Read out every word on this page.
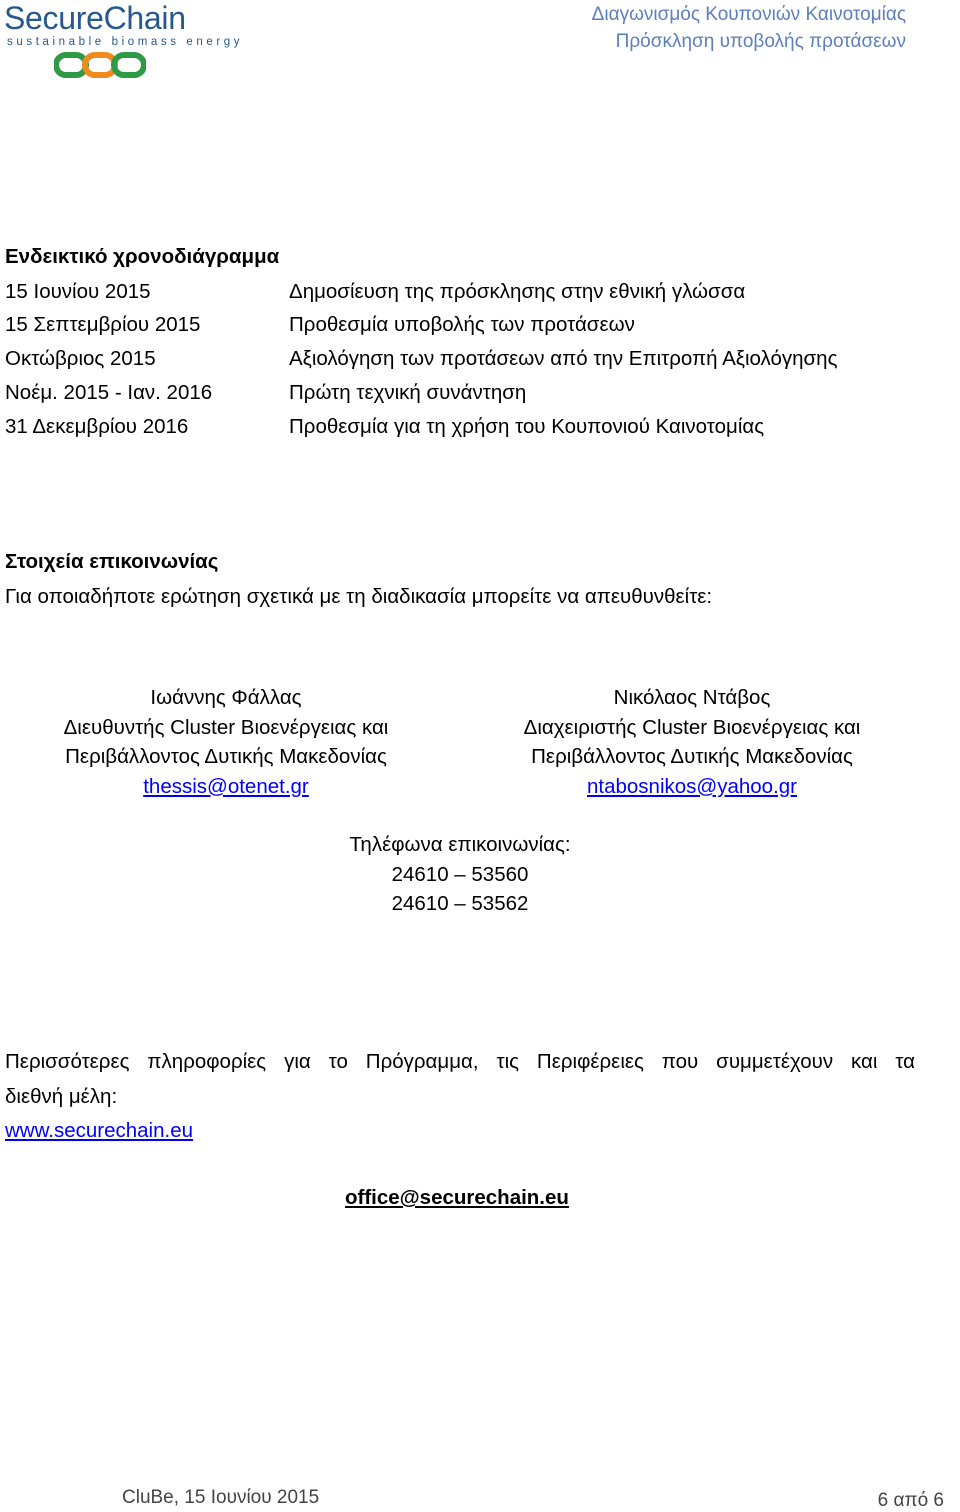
SecureChain
sustainable biomass energy
Διαγωνισμός Κουπονιών Καινοτομίας
Πρόσκληση υποβολής προτάσεων
Ενδεικτικό χρονοδιάγραμμα
15 Ιουνίου 2015	Δημοσίευση της πρόσκλησης στην εθνική γλώσσα
15 Σεπτεμβρίου 2015	Προθεσμία υποβολής των προτάσεων
Οκτώβριος 2015	Αξιολόγηση των προτάσεων από την Επιτροπή Αξιολόγησης
Νοέμ. 2015 - Ιαν. 2016	Πρώτη τεχνική συνάντηση
31 Δεκεμβρίου 2016	Προθεσμία για τη χρήση του Κουπονιού Καινοτομίας
Στοιχεία επικοινωνίας
Για οποιαδήποτε ερώτηση σχετικά με τη διαδικασία μπορείτε να απευθυνθείτε:
Ιωάννης Φάλλας
Διευθυντής Cluster Βιοενέργειας και
Περιβάλλοντος Δυτικής Μακεδονίας
thessis@otenet.gr
Νικόλαος Ντάβος
Διαχειριστής Cluster Βιοενέργειας και
Περιβάλλοντος Δυτικής Μακεδονίας
ntabosnikos@yahoo.gr
Τηλέφωνα επικοινωνίας:
24610 – 53560
24610 – 53562
Περισσότερες πληροφορίες για το Πρόγραμμα, τις Περιφέρειες που συμμετέχουν και τα
διεθνή μέλη:
www.securechain.eu
office@securechain.eu
CluBe, 15 Ιουνίου 2015	6 από 6
